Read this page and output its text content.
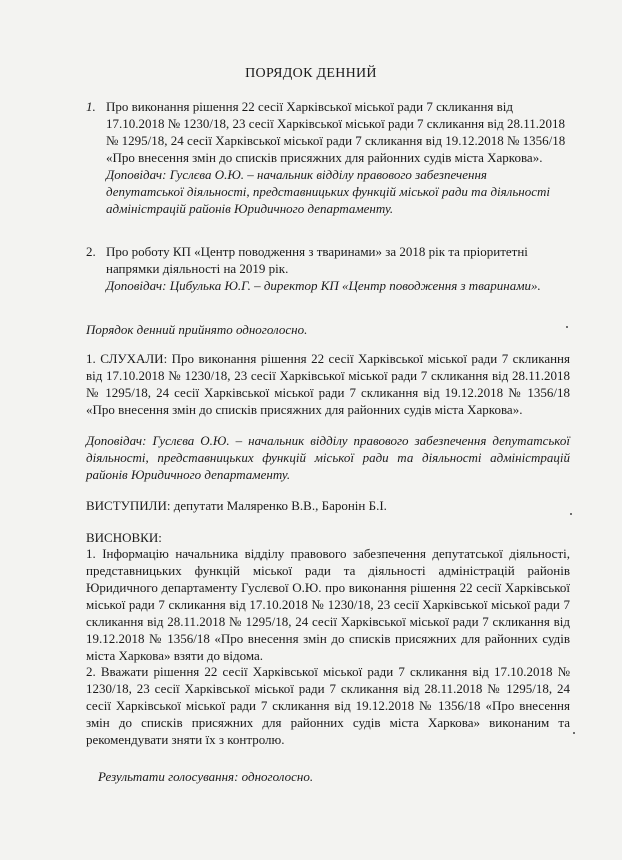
ПОРЯДОК ДЕННИЙ
1. Про виконання рішення 22 сесії Харківської міської ради 7 скликання від 17.10.2018 № 1230/18, 23 сесії Харківської міської ради 7 скликання від 28.11.2018 № 1295/18, 24 сесії Харківської міської ради 7 скликання від 19.12.2018 № 1356/18 «Про внесення змін до списків присяжних для районних судів міста Харкова».
Доповідач: Гуслєва О.Ю. – начальник відділу правового забезпечення депутатської діяльності, представницьких функцій міської ради та діяльності адміністрацій районів Юридичного департаменту.
2. Про роботу КП «Центр поводження з тваринами» за 2018 рік та пріоритетні напрямки діяльності на 2019 рік.
Доповідач: Цибулька Ю.Г. – директор КП «Центр поводження з тваринами».
Порядок денний прийнято одноголосно.
1. СЛУХАЛИ: Про виконання рішення 22 сесії Харківської міської ради 7 скликання від 17.10.2018 № 1230/18, 23 сесії Харківської міської ради 7 скликання від 28.11.2018 № 1295/18, 24 сесії Харківської міської ради 7 скликання від 19.12.2018 № 1356/18 «Про внесення змін до списків присяжних для районних судів міста Харкова».
Доповідач: Гуслєва О.Ю. – начальник відділу правового забезпечення депутатської діяльності, представницьких функцій міської ради та діяльності адміністрацій районів Юридичного департаменту.
ВИСТУПИЛИ: депутати Маляренко В.В., Баронін Б.І.
ВИСНОВКИ:
1. Інформацію начальника відділу правового забезпечення депутатської діяльності, представницьких функцій міської ради та діяльності адміністрацій районів Юридичного департаменту Гуслєвої О.Ю. про виконання рішення 22 сесії Харківської міської ради 7 скликання від 17.10.2018 № 1230/18, 23 сесії Харківської міської ради 7 скликання від 28.11.2018 № 1295/18, 24 сесії Харківської міської ради 7 скликання від 19.12.2018 № 1356/18 «Про внесення змін до списків присяжних для районних судів міста Харкова» взяти до відома.
2. Вважати рішення 22 сесії Харківської міської ради 7 скликання від 17.10.2018 № 1230/18, 23 сесії Харківської міської ради 7 скликання від 28.11.2018 № 1295/18, 24 сесії Харківської міської ради 7 скликання від 19.12.2018 № 1356/18 «Про внесення змін до списків присяжних для районних судів міста Харкова» виконаним та рекомендувати зняти їх з контролю.
Результати голосування: одноголосно.
